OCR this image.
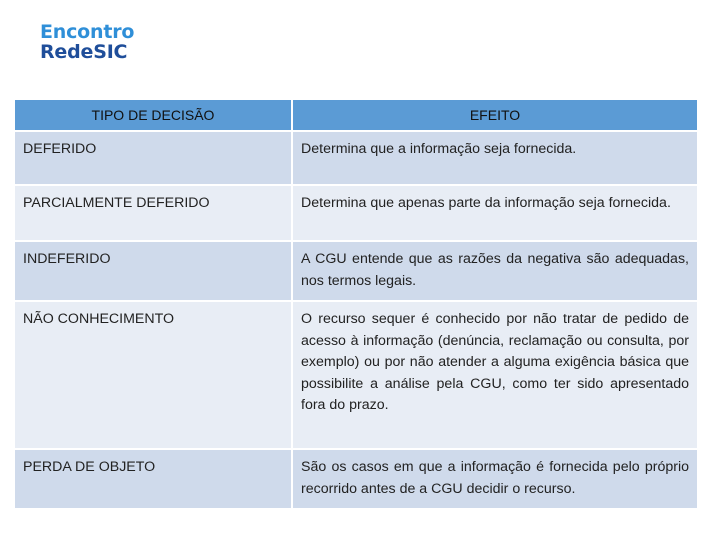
Encontro
RedeSIC
TIPO DE DECISÃO	EFEITO
DEFERIDO	Determina que a informação seja fornecida.
PARCIALMENTE DEFERIDO	Determina que apenas parte da informação seja fornecida.
INDEFERIDO	A CGU entende que as razões da negativa são adequadas, nos termos legais.
NÃO CONHECIMENTO	O recurso sequer é conhecido por não tratar de pedido de acesso à informação (denúncia, reclamação ou consulta, por exemplo) ou por não atender a alguma exigência básica que possibilite a análise pela CGU, como ter sido apresentado fora do prazo.
PERDA DE OBJETO	São os casos em que a informação é fornecida pelo próprio recorrido antes de a CGU decidir o recurso.
